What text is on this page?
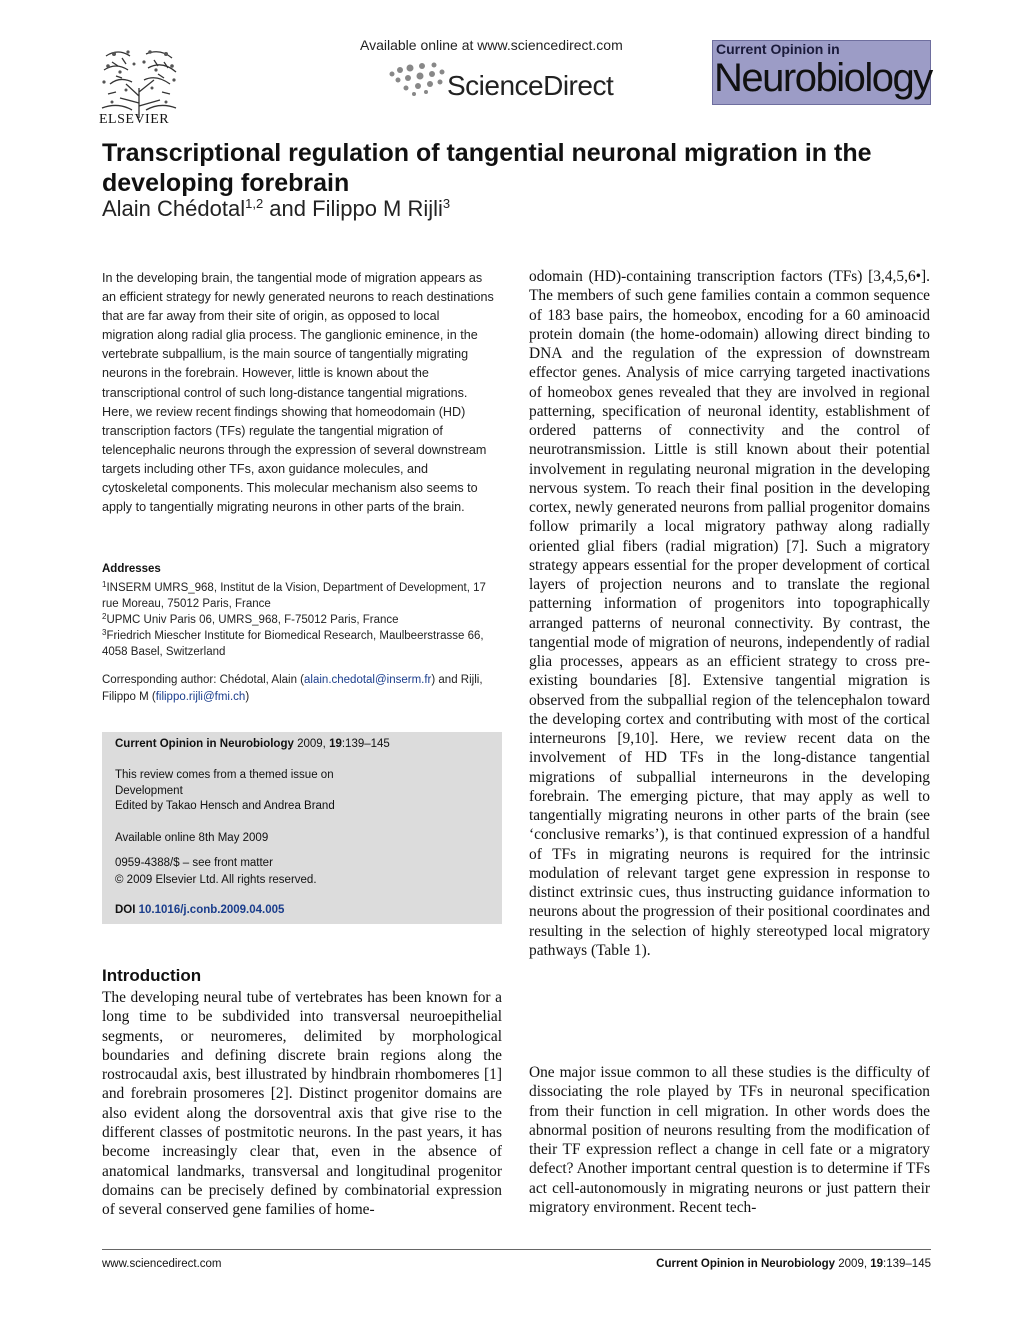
ELSEVIER
Available online at www.sciencedirect.com
ScienceDirect
Current Opinion in
Neurobiology
Transcriptional regulation of tangential neuronal migration in the developing forebrain
Alain Chédotal$^{1,2}$ and Filippo M Rijli$^3$
In the developing brain, the tangential mode of migration appears as an efficient strategy for newly generated neurons to reach destinations that are far away from their site of origin, as opposed to local migration along radial glia process. The ganglionic eminence, in the vertebrate subpallium, is the main source of tangentially migrating neurons in the forebrain. However, little is known about the transcriptional control of such long-distance tangential migrations. Here, we review recent findings showing that homeodomain (HD) transcription factors (TFs) regulate the tangential migration of telencephalic neurons through the expression of several downstream targets including other TFs, axon guidance molecules, and cytoskeletal components. This molecular mechanism also seems to apply to tangentially migrating neurons in other parts of the brain.
Addresses
$^1$INSERM UMRS_968, Institut de la Vision, Department of Development, 17 rue Moreau, 75012 Paris, France
$^2$UPMC Univ Paris 06, UMRS_968, F-75012 Paris, France
$^3$Friedrich Miescher Institute for Biomedical Research, Maulbeerstrasse 66, 4058 Basel, Switzerland
Corresponding author: Chédotal, Alain (alain.chedotal@inserm.fr) and Rijli, Filippo M (filippo.rijli@fmi.ch)
Current Opinion in Neurobiology 2009, 19:139–145
This review comes from a themed issue on
Development
Edited by Takao Hensch and Andrea Brand
Available online 8th May 2009
0959-4388/$ – see front matter
© 2009 Elsevier Ltd. All rights reserved.
DOI 10.1016/j.conb.2009.04.005
Introduction
The developing neural tube of vertebrates has been known for a long time to be subdivided into transversal neuroepithelial segments, or neuromeres, delimited by morphological boundaries and defining discrete brain regions along the rostrocaudal axis, best illustrated by hindbrain rhombomeres [1] and forebrain prosomeres [2]. Distinct progenitor domains are also evident along the dorsoventral axis that give rise to the different classes of postmitotic neurons. In the past years, it has become increasingly clear that, even in the absence of anatomical landmarks, transversal and longitudinal progenitor domains can be precisely defined by combinatorial expression of several conserved gene families of home-
odomain (HD)-containing transcription factors (TFs) [3,4,5,6•]. The members of such gene families contain a common sequence of 183 base pairs, the homeobox, encoding for a 60 aminoacid protein domain (the home-odomain) allowing direct binding to DNA and the regulation of the expression of downstream effector genes. Analysis of mice carrying targeted inactivations of homeobox genes revealed that they are involved in regional patterning, specification of neuronal identity, establishment of ordered patterns of connectivity and the control of neurotransmission. Little is still known about their potential involvement in regulating neuronal migration in the developing nervous system. To reach their final position in the developing cortex, newly generated neurons from pallial progenitor domains follow primarily a local migratory pathway along radially oriented glial fibers (radial migration) [7]. Such a migratory strategy appears essential for the proper development of cortical layers of projection neurons and to translate the regional patterning information of progenitors into topographically arranged patterns of neuronal connectivity. By contrast, the tangential mode of migration of neurons, independently of radial glia processes, appears as an efficient strategy to cross pre-existing boundaries [8]. Extensive tangential migration is observed from the subpallial region of the telencephalon toward the developing cortex and contributing with most of the cortical interneurons [9,10]. Here, we review recent data on the involvement of HD TFs in the long-distance tangential migrations of subpallial interneurons in the developing forebrain. The emerging picture, that may apply as well to tangentially migrating neurons in other parts of the brain (see ‘conclusive remarks’), is that continued expression of a handful of TFs in migrating neurons is required for the intrinsic modulation of relevant target gene expression in response to distinct extrinsic cues, thus instructing guidance information to neurons about the progression of their positional coordinates and resulting in the selection of highly stereotyped local migratory pathways (Table 1).
One major issue common to all these studies is the difficulty of dissociating the role played by TFs in neuronal specification from their function in cell migration. In other words does the abnormal position of neurons resulting from the modification of their TF expression reflect a change in cell fate or a migratory defect? Another important central question is to determine if TFs act cell-autonomously in migrating neurons or just pattern their migratory environment. Recent tech-
www.sciencedirect.com	Current Opinion in Neurobiology 2009, 19:139–145
